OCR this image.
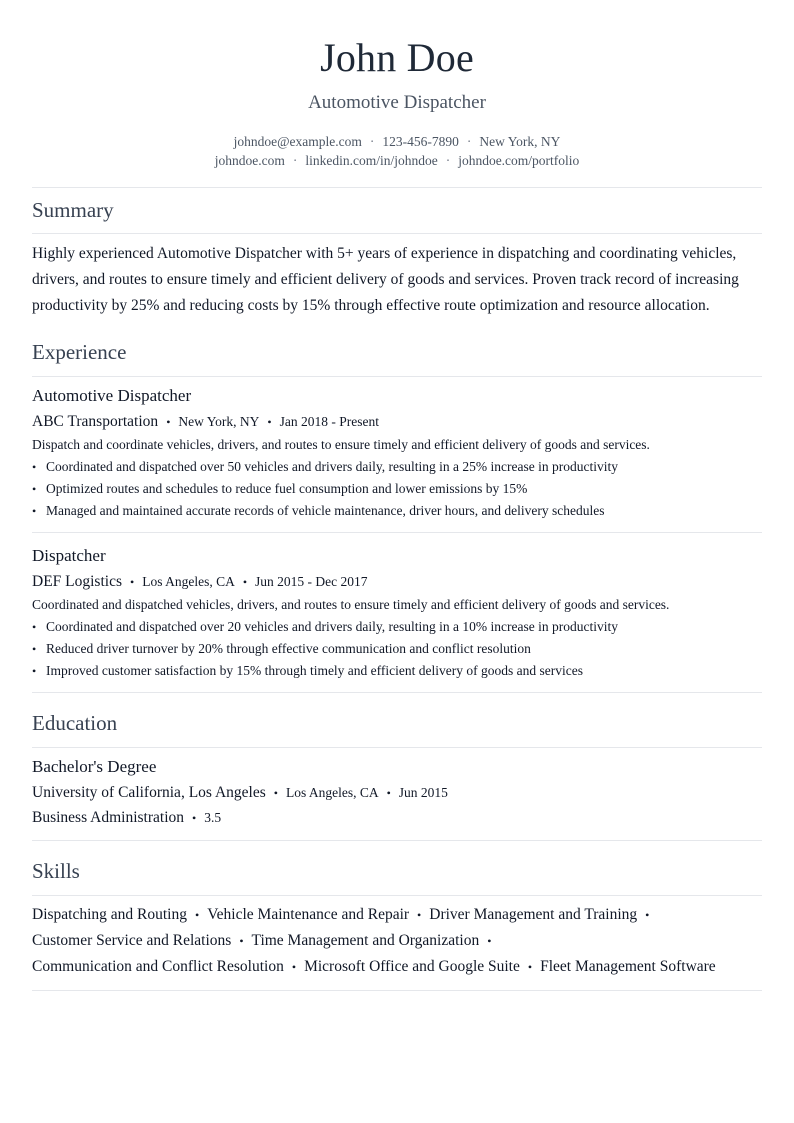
John Doe
Automotive Dispatcher
johndoe@example.com · 123-456-7890 · New York, NY
johndoe.com · linkedin.com/in/johndoe · johndoe.com/portfolio
Summary

Highly experienced Automotive Dispatcher with 5+ years of experience in dispatching and coordinating vehicles, drivers, and routes to ensure timely and efficient delivery of goods and services. Proven track record of increasing productivity by 25% and reducing costs by 15% through effective route optimization and resource allocation.

Experience
Automotive Dispatcher
ABC Transportation • New York, NY • Jan 2018 - Present
Dispatch and coordinate vehicles, drivers, and routes to ensure timely and efficient delivery of goods and services.
• Coordinated and dispatched over 50 vehicles and drivers daily, resulting in a 25% increase in productivity
• Optimized routes and schedules to reduce fuel consumption and lower emissions by 15%
• Managed and maintained accurate records of vehicle maintenance, driver hours, and delivery schedules
Dispatcher
DEF Logistics • Los Angeles, CA • Jun 2015 - Dec 2017
Coordinated and dispatched vehicles, drivers, and routes to ensure timely and efficient delivery of goods and services.
• Coordinated and dispatched over 20 vehicles and drivers daily, resulting in a 10% increase in productivity
• Reduced driver turnover by 20% through effective communication and conflict resolution
• Improved customer satisfaction by 15% through timely and efficient delivery of goods and services
Education
Bachelor's Degree
University of California, Los Angeles • Los Angeles, CA • Jun 2015
Business Administration • 3.5
Skills
Dispatching and Routing • Vehicle Maintenance and Repair • Driver Management and Training •
Customer Service and Relations • Time Management and Organization •
Communication and Conflict Resolution • Microsoft Office and Google Suite • Fleet Management Software
